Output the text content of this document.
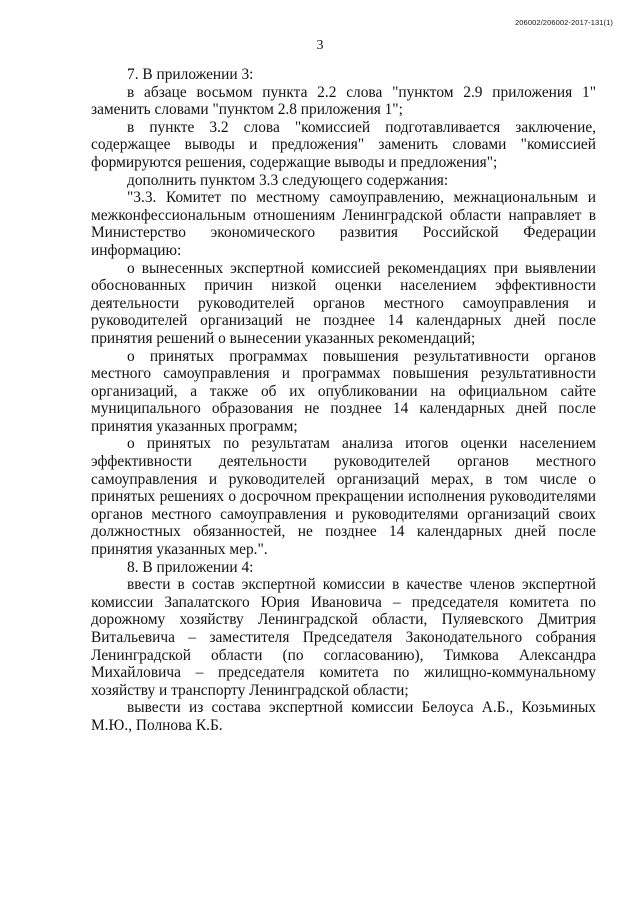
206002/206002-2017-131(1)
3

7. В приложении 3:

в абзаце восьмом пункта 2.2 слова "пунктом 2.9 приложения 1" заменить словами "пунктом 2.8 приложения 1";

в пункте 3.2 слова "комиссией подготавливается заключение, содержащее выводы и предложения" заменить словами "комиссией формируются решения, содержащие выводы и предложения";

дополнить пунктом 3.3 следующего содержания:

"3.3. Комитет по местному самоуправлению, межнациональным и межконфессиональным отношениям Ленинградской области направляет в Министерство экономического развития Российской Федерации информацию:

о вынесенных экспертной комиссией рекомендациях при выявлении обоснованных причин низкой оценки населением эффективности деятельности руководителей органов местного самоуправления и руководителей организаций не позднее 14 календарных дней после принятия решений о вынесении указанных рекомендаций;

о принятых программах повышения результативности органов местного самоуправления и программах повышения результативности организаций, а также об их опубликовании на официальном сайте муниципального образования не позднее 14 календарных дней после принятия указанных программ;

о принятых по результатам анализа итогов оценки населением эффективности деятельности руководителей органов местного самоуправления и руководителей организаций мерах, в том числе о принятых решениях о досрочном прекращении исполнения руководителями органов местного самоуправления и руководителями организаций своих должностных обязанностей, не позднее 14 календарных дней после принятия указанных мер.".

8. В приложении 4:

ввести в состав экспертной комиссии в качестве членов экспертной комиссии Запалатского Юрия Ивановича – председателя комитета по дорожному хозяйству Ленинградской области, Пуляевского Дмитрия Витальевича – заместителя Председателя Законодательного собрания Ленинградской области (по согласованию), Тимкова Александра Михайловича – председателя комитета по жилищно-коммунальному хозяйству и транспорту Ленинградской области;

вывести из состава экспертной комиссии Белоуса А.Б., Козьминых М.Ю., Полнова К.Б.
